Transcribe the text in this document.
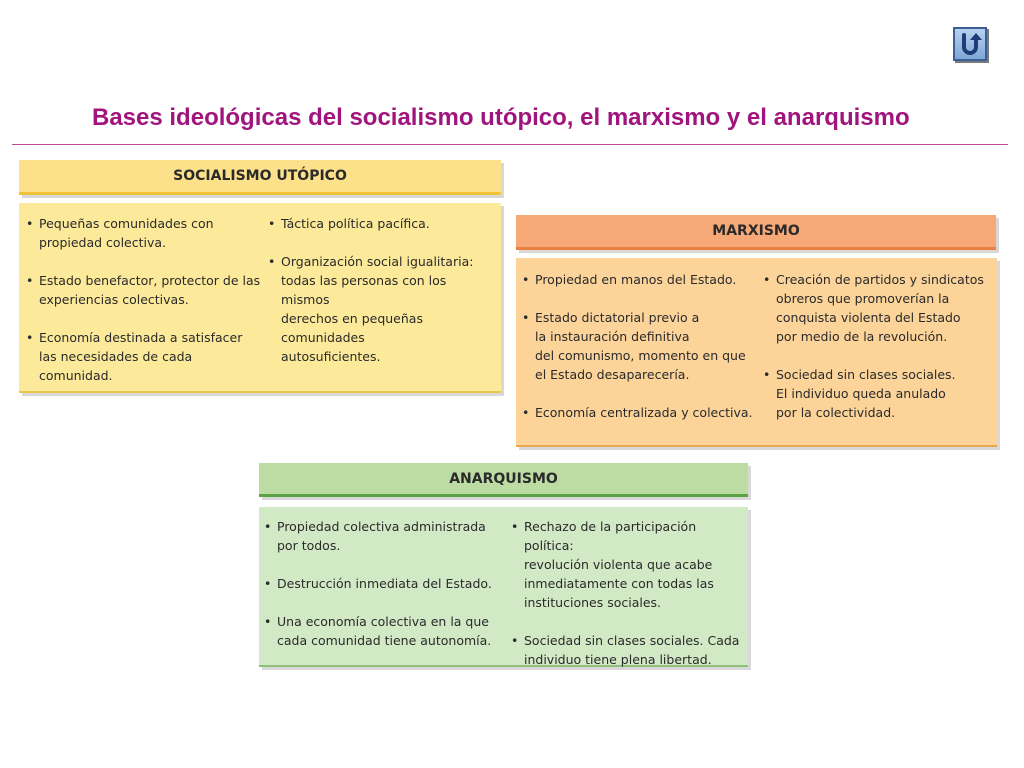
Bases ideológicas del socialismo utópico, el marxismo y el anarquismo
SOCIALISMO UTÓPICO
• Pequeñas comunidades con
propiedad colectiva.
• Estado benefactor, protector de las
experiencias colectivas.
• Economía destinada a satisfacer
las necesidades de cada comunidad.
• Táctica política pacífica.
• Organización social igualitaria:
todas las personas con los mismos
derechos en pequeñas comunidades
autosuficientes.
MARXISMO
• Propiedad en manos del Estado.
• Estado dictatorial previo a
la instauración definitiva
del comunismo, momento en que
el Estado desaparecería.
• Economía centralizada y colectiva.
• Creación de partidos y sindicatos
obreros que promoverían la
conquista violenta del Estado
por medio de la revolución.
• Sociedad sin clases sociales.
El individuo queda anulado
por la colectividad.
ANARQUISMO
• Propiedad colectiva administrada
por todos.
• Destrucción inmediata del Estado.
• Una economía colectiva en la que
cada comunidad tiene autonomía.
• Rechazo de la participación política:
revolución violenta que acabe
inmediatamente con todas las
instituciones sociales.
• Sociedad sin clases sociales. Cada
individuo tiene plena libertad.
